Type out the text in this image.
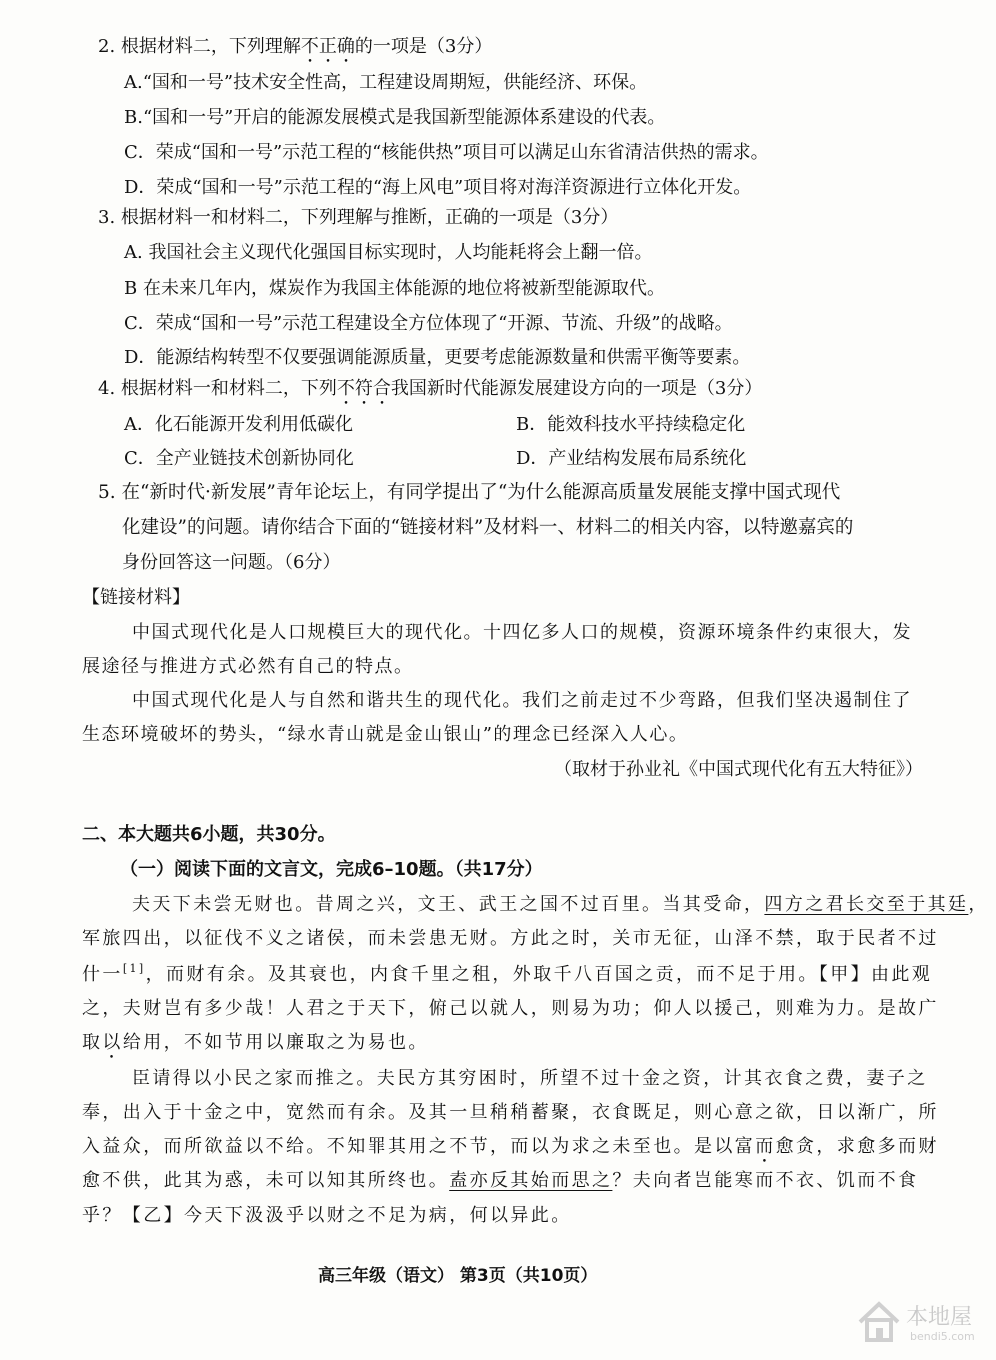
2. 根据材料二，下列理解不正确的一项是（3分）
A.“国和一号”技术安全性高，工程建设周期短，供能经济、环保。
B.“国和一号”开启的能源发展模式是我国新型能源体系建设的代表。
C．荣成“国和一号”示范工程的“核能供热”项目可以满足山东省清洁供热的需求。
D．荣成“国和一号”示范工程的“海上风电”项目将对海洋资源进行立体化开发。
3. 根据材料一和材料二，下列理解与推断，正确的一项是（3分）
A. 我国社会主义现代化强国目标实现时，人均能耗将会上翻一倍。
B 在未来几年内，煤炭作为我国主体能源的地位将被新型能源取代。
C．荣成“国和一号”示范工程建设全方位体现了“开源、节流、升级”的战略。
D．能源结构转型不仅要强调能源质量，更要考虑能源数量和供需平衡等要素。
4. 根据材料一和材料二，下列不符合我国新时代能源发展建设方向的一项是（3分）
A．化石能源开发利用低碳化	B．能效科技水平持续稳定化
C．全产业链技术创新协同化	D．产业结构发展布局系统化
5. 在“新时代·新发展”青年论坛上，有同学提出了“为什么能源高质量发展能支撑中国式现代
化建设”的问题。请你结合下面的“链接材料”及材料一、材料二的相关内容，以特邀嘉宾的
身份回答这一问题。（6分）
【链接材料】
中国式现代化是人口规模巨大的现代化。十四亿多人口的规模，资源环境条件约束很大，发
展途径与推进方式必然有自己的特点。
中国式现代化是人与自然和谐共生的现代化。我们之前走过不少弯路，但我们坚决遏制住了
生态环境破坏的势头，“绿水青山就是金山银山”的理念已经深入人心。
（取材于孙业礼《中国式现代化有五大特征》）
二、本大题共6小题，共30分。
（一）阅读下面的文言文，完成6–10题。（共17分）
夫天下未尝无财也。昔周之兴，文王、武王之国不过百里。当其受命，四方之君长交至于其廷，
军旅四出，以征伐不义之诸侯，而未尝患无财。方此之时，关市无征，山泽不禁，取于民者不过
什一[1]，而财有余。及其衰也，内食千里之租，外取千八百国之贡，而不足于用。【甲】由此观
之，夫财岂有多少哉！人君之于天下，俯己以就人，则易为功；仰人以援己，则难为力。是故广
取以给用，不如节用以廉取之为易也。
臣请得以小民之家而推之。夫民方其穷困时，所望不过十金之资，计其衣食之费，妻子之
奉，出入于十金之中，宽然而有余。及其一旦稍稍蓄聚，衣食既足，则心意之欲，日以渐广，所
入益众，而所欲益以不给。不知罪其用之不节，而以为求之未至也。是以富而愈贪，求愈多而财
愈不供，此其为惑，未可以知其所终也。盍亦反其始而思之？夫向者岂能寒而不衣、饥而不食
乎？【乙】今天下汲汲乎以财之不足为病，何以异此。
高三年级（语文） 第3页（共10页）
本地屋
bendi5.com
